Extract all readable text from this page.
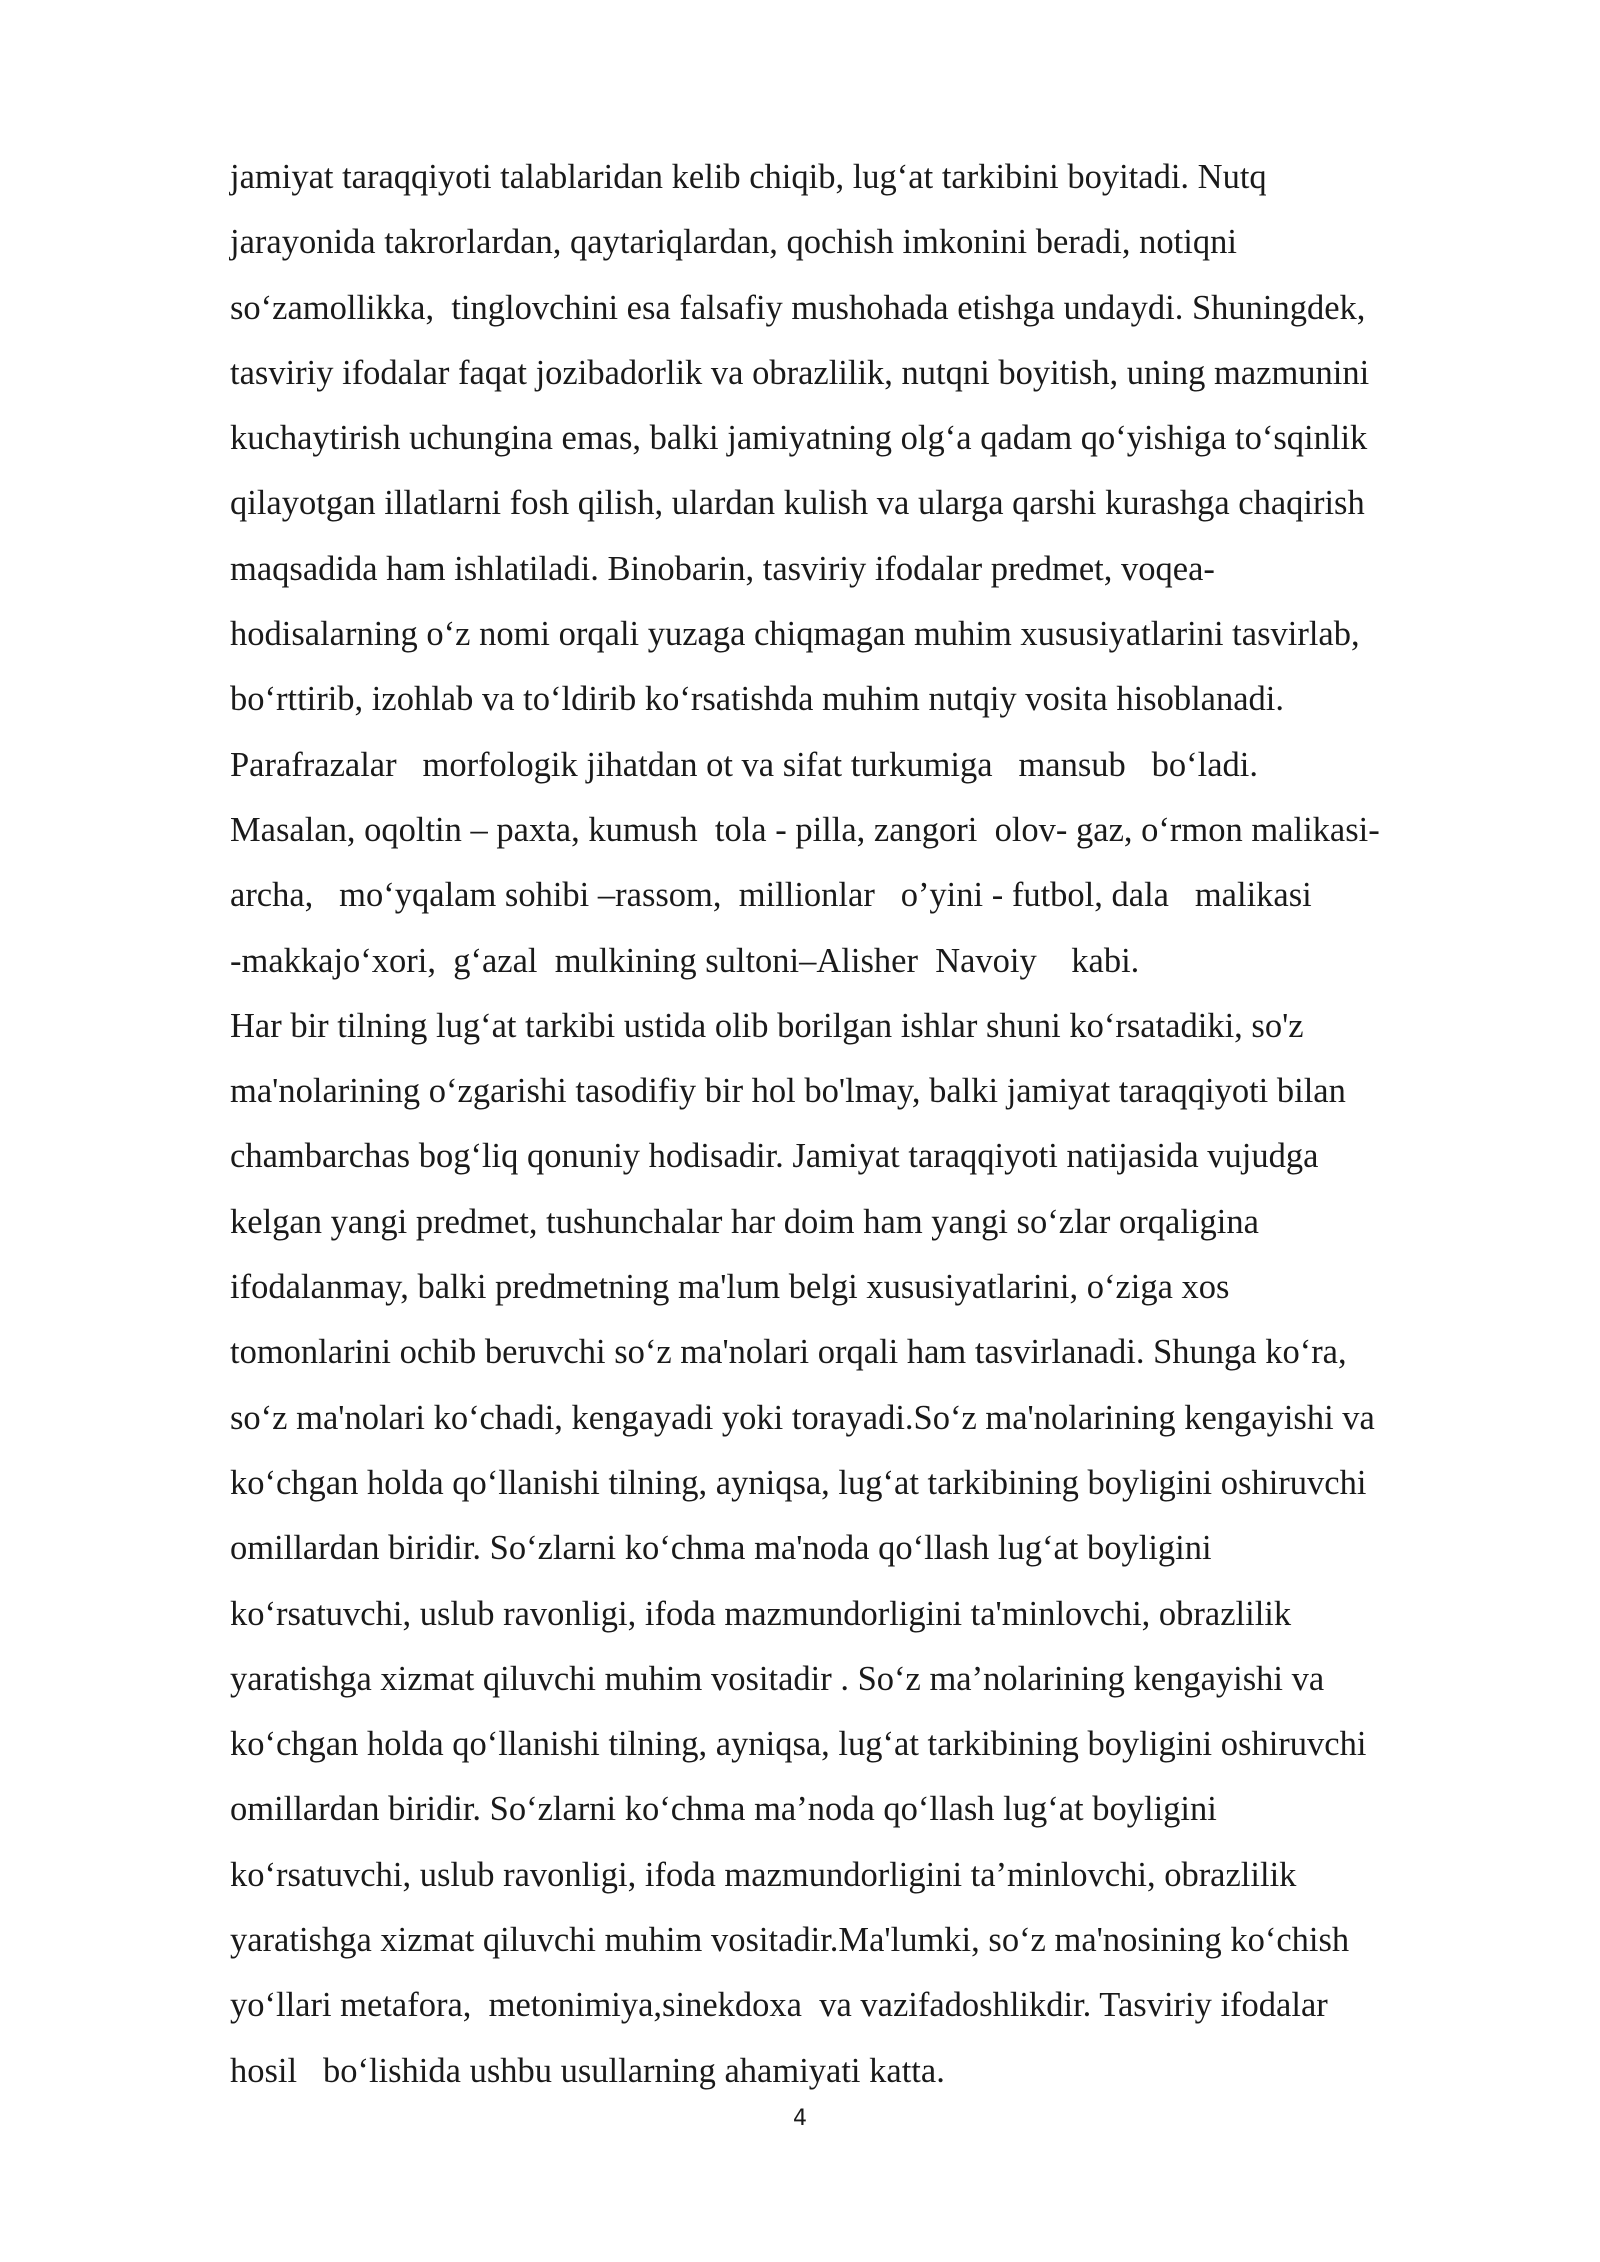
jamiyat taraqqiyoti talablaridan kelib chiqib, lug‘at tarkibini boyitadi. Nutq
jarayonida takrorlardan, qaytariqlardan, qochish imkonini beradi, notiqni
so‘zamollikka,  tinglovchini esa falsafiy mushohada etishga undaydi. Shuningdek,
tasviriy ifodalar faqat jozibadorlik va obrazlilik, nutqni boyitish, uning mazmunini
kuchaytirish uchungina emas, balki jamiyatning olg‘a qadam qo‘yishiga to‘sqinlik
qilayotgan illatlarni fosh qilish, ulardan kulish va ularga qarshi kurashga chaqirish
maqsadida ham ishlatiladi. Binobarin, tasviriy ifodalar predmet, voqea-
hodisalarning o‘z nomi orqali yuzaga chiqmagan muhim xususiyatlarini tasvirlab,
bo‘rttirib, izohlab va to‘ldirib ko‘rsatishda muhim nutqiy vosita hisoblanadi.
Parafrazalar   morfologik jihatdan ot va sifat turkumiga   mansub   bo‘ladi.
Masalan, oqoltin – paxta, kumush  tola - pilla, zangori  olov- gaz, o‘rmon malikasi-
archa,   mo‘yqalam sohibi –rassom,  millionlar   o’yini - futbol, dala   malikasi
-makkajo‘xori,  g‘azal  mulkining sultoni–Alisher  Navoiy    kabi.
Har bir tilning lug‘at tarkibi ustida olib borilgan ishlar shuni ko‘rsatadiki, so'z
ma'nolarining o‘zgarishi tasodifiy bir hol bo'lmay, balki jamiyat taraqqiyoti bilan
chambarchas bog‘liq qonuniy hodisadir. Jamiyat taraqqiyoti natijasida vujudga
kelgan yangi predmet, tushunchalar har doim ham yangi so‘zlar orqaligina
ifodalanmay, balki predmetning ma'lum belgi xususiyatlarini, o‘ziga xos
tomonlarini ochib beruvchi so‘z ma'nolari orqali ham tasvirlanadi. Shunga ko‘ra,
so‘z ma'nolari ko‘chadi, kengayadi yoki torayadi.So‘z ma'nolarining kengayishi va
ko‘chgan holda qo‘llanishi tilning, ayniqsa, lug‘at tarkibining boyligini oshiruvchi
omillardan biridir. So‘zlarni ko‘chma ma'noda qo‘llash lug‘at boyligini
ko‘rsatuvchi, uslub ravonligi, ifoda mazmundorligini ta'minlovchi, obrazlilik
yaratishga xizmat qiluvchi muhim vositadir . So‘z ma’nolarining kengayishi va
ko‘chgan holda qo‘llanishi tilning, ayniqsa, lug‘at tarkibining boyligini oshiruvchi
omillardan biridir. So‘zlarni ko‘chma ma’noda qo‘llash lug‘at boyligini
ko‘rsatuvchi, uslub ravonligi, ifoda mazmundorligini ta’minlovchi, obrazlilik
yaratishga xizmat qiluvchi muhim vositadir.Ma'lumki, so‘z ma'nosining ko‘chish
yo‘llari metafora,  metonimiya,sinekdoxa  va vazifadoshlikdir. Tasviriy ifodalar
hosil   bo‘lishida ushbu usullarning ahamiyati katta.
4
